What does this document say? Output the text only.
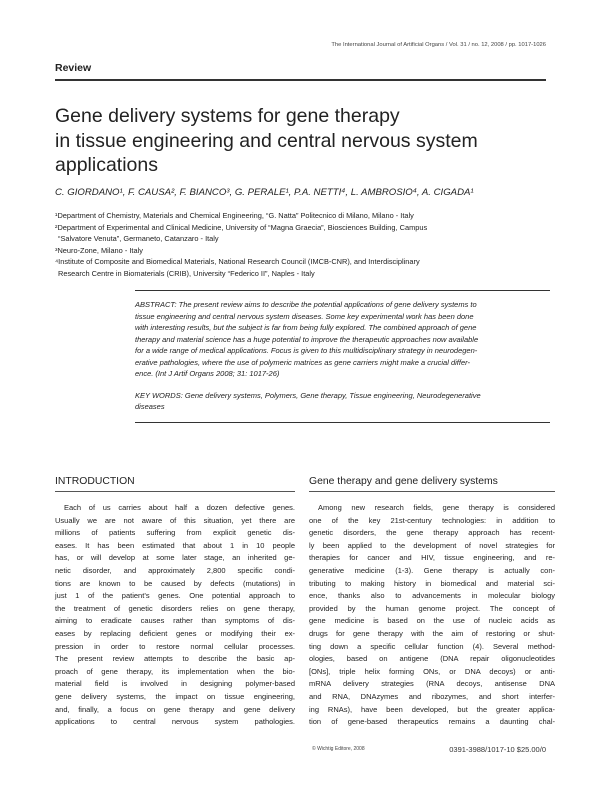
The International Journal of Artificial Organs / Vol. 31 / no. 12, 2008 / pp. 1017-1026
Review
Gene delivery systems for gene therapy
in tissue engineering and central nervous system
applications
C. GIORDANO¹, F. CAUSA², F. BIANCO³, G. PERALE¹, P.A. NETTI⁴, L. AMBROSIO⁴, A. CIGADA¹
¹Department of Chemistry, Materials and Chemical Engineering, “G. Natta” Politecnico di Milano, Milano - Italy
²Department of Experimental and Clinical Medicine, University of “Magna Graecia”, Biosciences Building, Campus
“Salvatore Venuta”, Germaneto, Catanzaro - Italy
³Neuro-Zone, Milano - Italy
⁴Institute of Composite and Biomedical Materials, National Research Council (IMCB-CNR), and Interdisciplinary
Research Centre in Biomaterials (CRIB), University “Federico II”, Naples - Italy
ABSTRACT: The present review aims to describe the potential applications of gene delivery systems to
tissue engineering and central nervous system diseases. Some key experimental work has been done
with interesting results, but the subject is far from being fully explored. The combined approach of gene
therapy and material science has a huge potential to improve the therapeutic approaches now available
for a wide range of medical applications. Focus is given to this multidisciplinary strategy in neurodegen-
erative pathologies, where the use of polymeric matrices as gene carriers might make a crucial differ-
ence. (Int J Artif Organs 2008; 31: 1017-26)
KEY WORDS: Gene delivery systems, Polymers, Gene therapy, Tissue engineering, Neurodegenerative
diseases
INTRODUCTION
Each of us carries about half a dozen defective genes.
Usually we are not aware of this situation, yet there are
millions of patients suffering from explicit genetic dis-
eases. It has been estimated that about 1 in 10 people
has, or will develop at some later stage, an inherited ge-
netic disorder, and approximately 2,800 specific condi-
tions are known to be caused by defects (mutations) in
just 1 of the patient’s genes. One potential approach to
the treatment of genetic disorders relies on gene therapy,
aiming to eradicate causes rather than symptoms of dis-
eases by replacing deficient genes or modifying their ex-
pression in order to restore normal cellular processes.
The present review attempts to describe the basic ap-
proach of gene therapy, its implementation when the bio-
material field is involved in designing polymer-based
gene delivery systems, the impact on tissue engineering,
and, finally, a focus on gene therapy and gene delivery
applications to central nervous system pathologies.
Gene therapy and gene delivery systems
Among new research fields, gene therapy is considered
one of the key 21st-century technologies: in addition to
genetic disorders, the gene therapy approach has recent-
ly been applied to the development of novel strategies for
therapies for cancer and HIV, tissue engineering, and re-
generative medicine (1-3). Gene therapy is actually con-
tributing to making history in biomedical and material sci-
ence, thanks also to advancements in molecular biology
provided by the human genome project. The concept of
gene medicine is based on the use of nucleic acids as
drugs for gene therapy with the aim of restoring or shut-
ting down a specific cellular function (4). Several method-
ologies, based on antigene (DNA repair oligonucleotides
[ONs], triple helix forming ONs, or DNA decoys) or anti-
mRNA delivery strategies (RNA decoys, antisense DNA
and RNA, DNAzymes and ribozymes, and short interfer-
ing RNAs), have been developed, but the greater applica-
tion of gene-based therapeutics remains a daunting chal-
© Wichtig Editore, 2008	0391-3988/1017-10 $25.00/0
